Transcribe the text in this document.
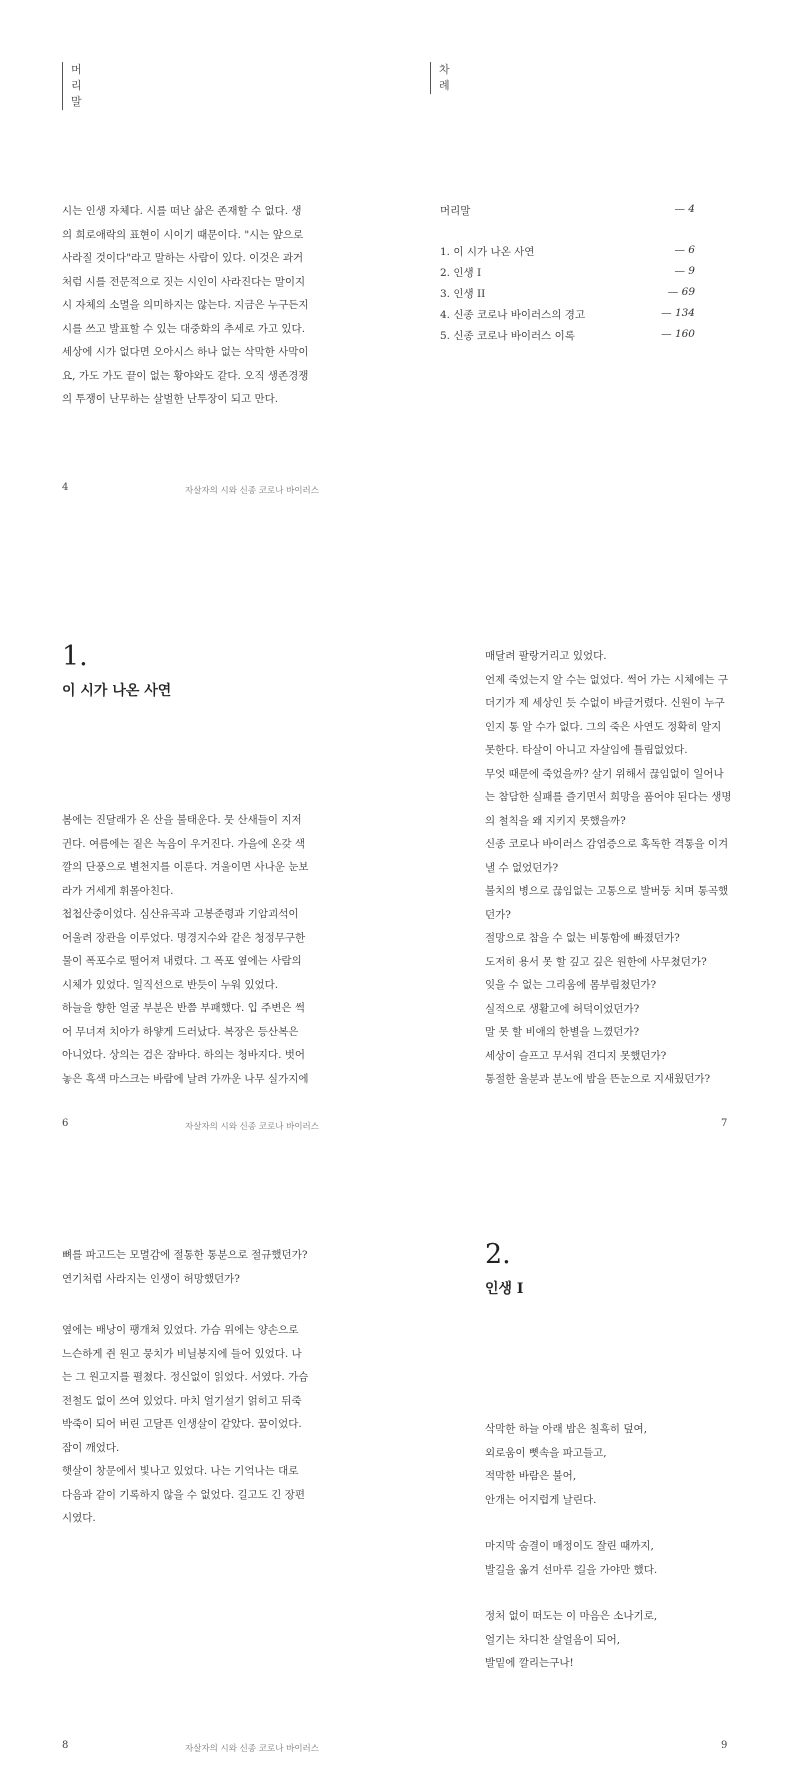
머
리
말
시는 인생 자체다. 시를 떠난 삶은 존재할 수 없다. 생
의 희로애락의 표현이 시이기 때문이다. "시는 앞으로
사라질 것이다"라고 말하는 사람이 있다. 이것은 과거
처럼 시를 전문적으로 짓는 시인이 사라진다는 말이지
시 자체의 소멸을 의미하지는 않는다. 지금은 누구든지
시를 쓰고 발표할 수 있는 대중화의 추세로 가고 있다.
세상에 시가 없다면 오아시스 하나 없는 삭막한 사막이
요, 가도 가도 끝이 없는 황야와도 같다. 오직 생존경쟁
의 투쟁이 난무하는 살벌한 난투장이 되고 만다.
4	자살자의 시와 신종 코로나 바이러스
차
례
머리말	— 4
1. 이 시가 나온 사연	— 6
2. 인생 I	— 9
3. 인생 II	— 69
4. 신종 코로나 바이러스의 경고	— 134
5. 신종 코로나 바이러스 이록	— 160
1.
이 시가 나온 사연
봄에는 진달래가 온 산을 불태운다. 뭇 산새들이 지저
귄다. 여름에는 짙은 녹음이 우거진다. 가을에 온갖 색
깔의 단풍으로 별천지를 이룬다. 겨울이면 사나운 눈보
라가 거세게 휘몰아친다.
첩첩산중이었다. 심산유곡과 고봉준령과 기암괴석이
어울려 장관을 이루었다. 명경지수와 같은 청정무구한
물이 폭포수로 떨어져 내렸다. 그 폭포 옆에는 사람의
시체가 있었다. 일직선으로 반듯이 누워 있었다.
하늘을 향한 얼굴 부분은 반쯤 부패했다. 입 주변은 썩
어 무너져 치아가 하얗게 드러났다. 복장은 등산복은
아니었다. 상의는 검은 잠바다. 하의는 청바지다. 벗어
놓은 흑색 마스크는 바람에 날려 가까운 나무 실가지에
6	자살자의 시와 신종 코로나 바이러스
매달려 팔랑거리고 있었다.
언제 죽었는지 알 수는 없었다. 썩어 가는 시체에는 구
더기가 제 세상인 듯 수없이 바글거렸다. 신원이 누구
인지 통 알 수가 없다. 그의 죽은 사연도 정확히 알지
못한다. 타살이 아니고 자살임에 틀림없었다.
무엇 때문에 죽었을까? 살기 위해서 끊임없이 일어나
는 참담한 실패를 즐기면서 희망을 품어야 된다는 생명
의 철칙을 왜 지키지 못했을까?
신종 코로나 바이러스 감염증으로 혹독한 격통을 이겨
낼 수 없었던가?
불치의 병으로 끊임없는 고통으로 발버둥 치며 통곡했
던가?
절망으로 참을 수 없는 비통함에 빠졌던가?
도저히 용서 못 할 깊고 깊은 원한에 사무쳤던가?
잊을 수 없는 그리움에 몸부림쳤던가?
실적으로 생활고에 허덕이었던가?
말 못 할 비애의 한별을 느꼈던가?
세상이 슬프고 무서워 견디지 못했던가?
통절한 울분과 분노에 밤을 뜬눈으로 지새웠던가?
7
뼈를 파고드는 모멸감에 절통한 통분으로 절규했던가?
연기처럼 사라지는 인생이 허망했던가?
옆에는 배낭이 팽개쳐 있었다. 가슴 위에는 양손으로
느슨하게 쥔 원고 뭉치가 비닐봉지에 들어 있었다. 나
는 그 원고지를 펼쳤다. 정신없이 읽었다. 서였다. 가슴
전철도 없이 쓰여 있었다. 마치 얼기설기 얽히고 뒤죽
박죽이 되어 버린 고달픈 인생살이 같았다. 꿈이었다.
잠이 깨었다.
햇살이 창문에서 빛나고 있었다. 나는 기억나는 대로
다음과 같이 기록하지 않을 수 없었다. 길고도 긴 장편
시였다.
8	자살자의 시와 신종 코로나 바이러스
2.
인생 I
삭막한 하늘 아래 밤은 칠흑히 덮여,
외로움이 뼛속을 파고들고,
적막한 바람은 불어,
안개는 어지럽게 날린다.
마지막 숨결이 매정이도 잘린 때까지,
발길을 옮겨 선마루 길을 가야만 했다.
정처 없이 떠도는 이 마음은 소나기로,
얼기는 차디찬 살얼음이 되어,
발밑에 깔리는구나!
9
